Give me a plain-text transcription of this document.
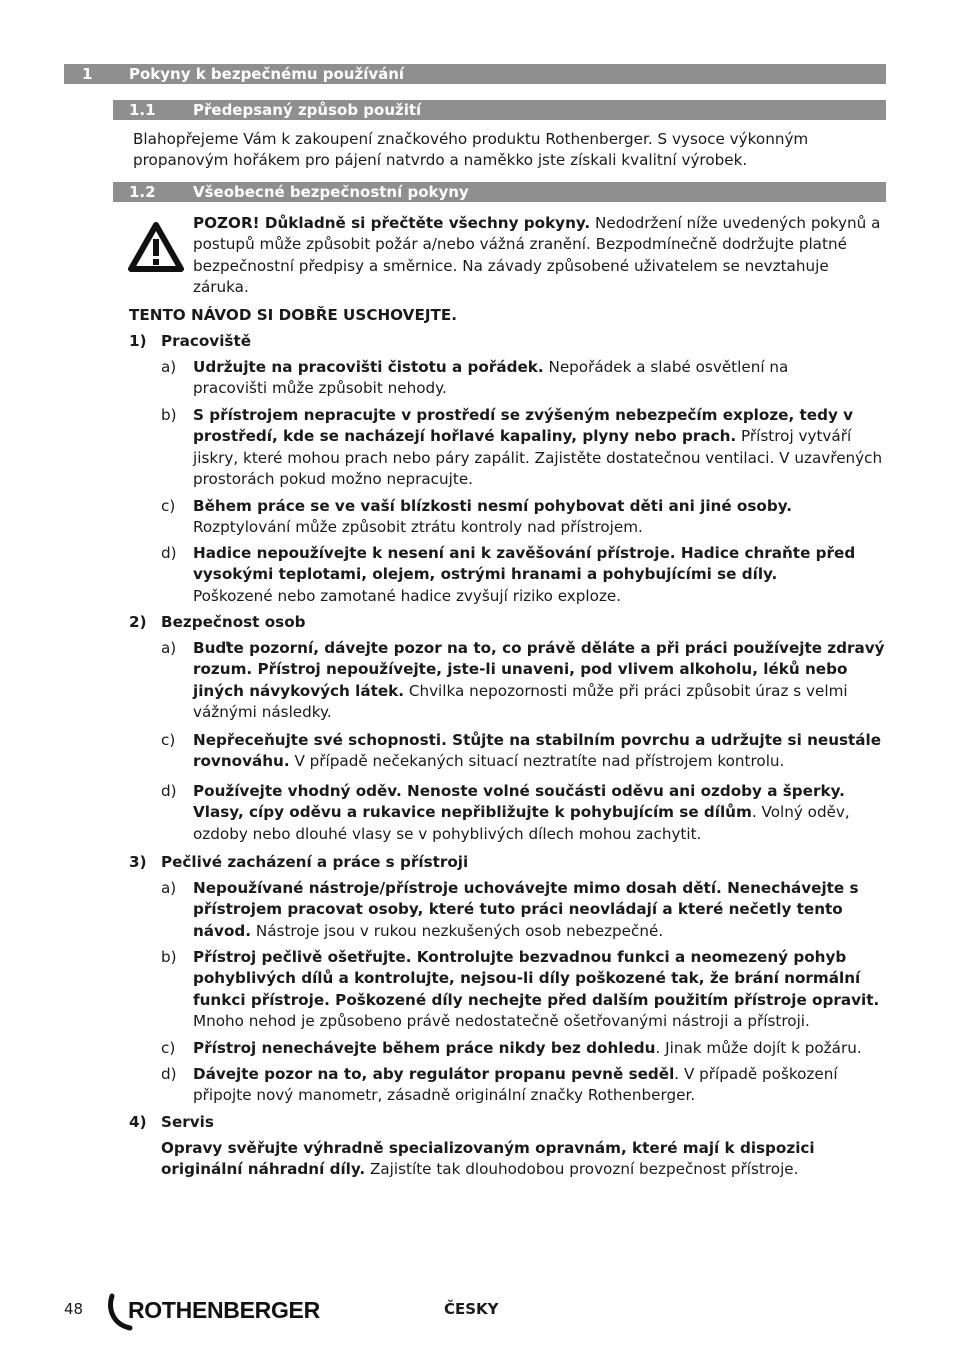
1 Pokyny k bezpečnému používání
1.1 Předepsaný způsob použití
Blahopřejeme Vám k zakoupení značkového produktu Rothenberger. S vysoce výkonným propanovým hořákem pro pájení natvrdo a naměkko jste získali kvalitní výrobek.
1.2 Všeobecné bezpečnostní pokyny
POZOR! Důkladně si přečtěte všechny pokyny. Nedodržení níže uvedených pokynů a postupů může způsobit požár a/nebo vážná zranění. Bezpodmínečně dodržujte platné bezpečnostní předpisy a směrnice. Na závady způsobené uživatelem se nevztahuje záruka.
TENTO NÁVOD SI DOBŘE USCHOVEJTE.
1) Pracoviště
a) Udržujte na pracovišti čistotu a pořádek. Nepořádek a slabé osvětlení na pracovišti může způsobit nehody.
b) S přístrojem nepracujte v prostředí se zvýšeným nebezpečím exploze, tedy v prostředí, kde se nacházejí hořlavé kapaliny, plyny nebo prach. Přístroj vytváří jiskry, které mohou prach nebo páry zapálit. Zajistěte dostatečnou ventilaci. V uzavřených prostorách pokud možno nepracujte.
c) Během práce se ve vaší blízkosti nesmí pohybovat děti ani jiné osoby. Rozptylování může způsobit ztrátu kontroly nad přístrojem.
d) Hadice nepoužívejte k nesení ani k zavěšování přístroje. Hadice chraňte před vysokými teplotami, olejem, ostrými hranami a pohybujícími se díly. Poškozené nebo zamotané hadice zvyšují riziko exploze.
2) Bezpečnost osob
a) Buďte pozorní, dávejte pozor na to, co právě děláte a při práci používejte zdravý rozum. Přístroj nepoužívejte, jste-li unaveni, pod vlivem alkoholu, léků nebo jiných návykových látek. Chvilka nepozornosti může při práci způsobit úraz s velmi vážnými následky.
c) Nepřeceňujte své schopnosti. Stůjte na stabilním povrchu a udržujte si neustále rovnováhu. V případě nečekaných situací neztratíte nad přístrojem kontrolu.
d) Používejte vhodný oděv. Nenoste volné součásti oděvu ani ozdoby a šperky. Vlasy, cípy oděvu a rukavice nepřibližujte k pohybujícím se dílům. Volný oděv, ozdoby nebo dlouhé vlasy se v pohyblivých dílech mohou zachytit.
3) Pečlivé zacházení a práce s přístroji
a) Nepoužívané nástroje/přístroje uchovávejte mimo dosah dětí. Nenechávejte s přístrojem pracovat osoby, které tuto práci neovládají a které nečetly tento návod. Nástroje jsou v rukou nezkušených osob nebezpečné.
b) Přístroj pečlivě ošetřujte. Kontrolujte bezvadnou funkci a neomezený pohyb pohyblivých dílů a kontrolujte, nejsou-li díly poškozené tak, že brání normální funkci přístroje. Poškozené díly nechejte před dalším použitím přístroje opravit. Mnoho nehod je způsobeno právě nedostatečně ošetřovanými nástroji a přístroji.
c) Přístroj nenechávejte během práce nikdy bez dohledu. Jinak může dojít k požáru.
d) Dávejte pozor na to, aby regulátor propanu pevně seděl. V případě poškození připojte nový manometr, zásadně originální značky Rothenberger.
4) Servis
Opravy svěřujte výhradně specializovaným opravnám, které mají k dispozici originální náhradní díly. Zajistíte tak dlouhodobou provozní bezpečnost přístroje.
48 ROTHENBERGER	ČESKY
